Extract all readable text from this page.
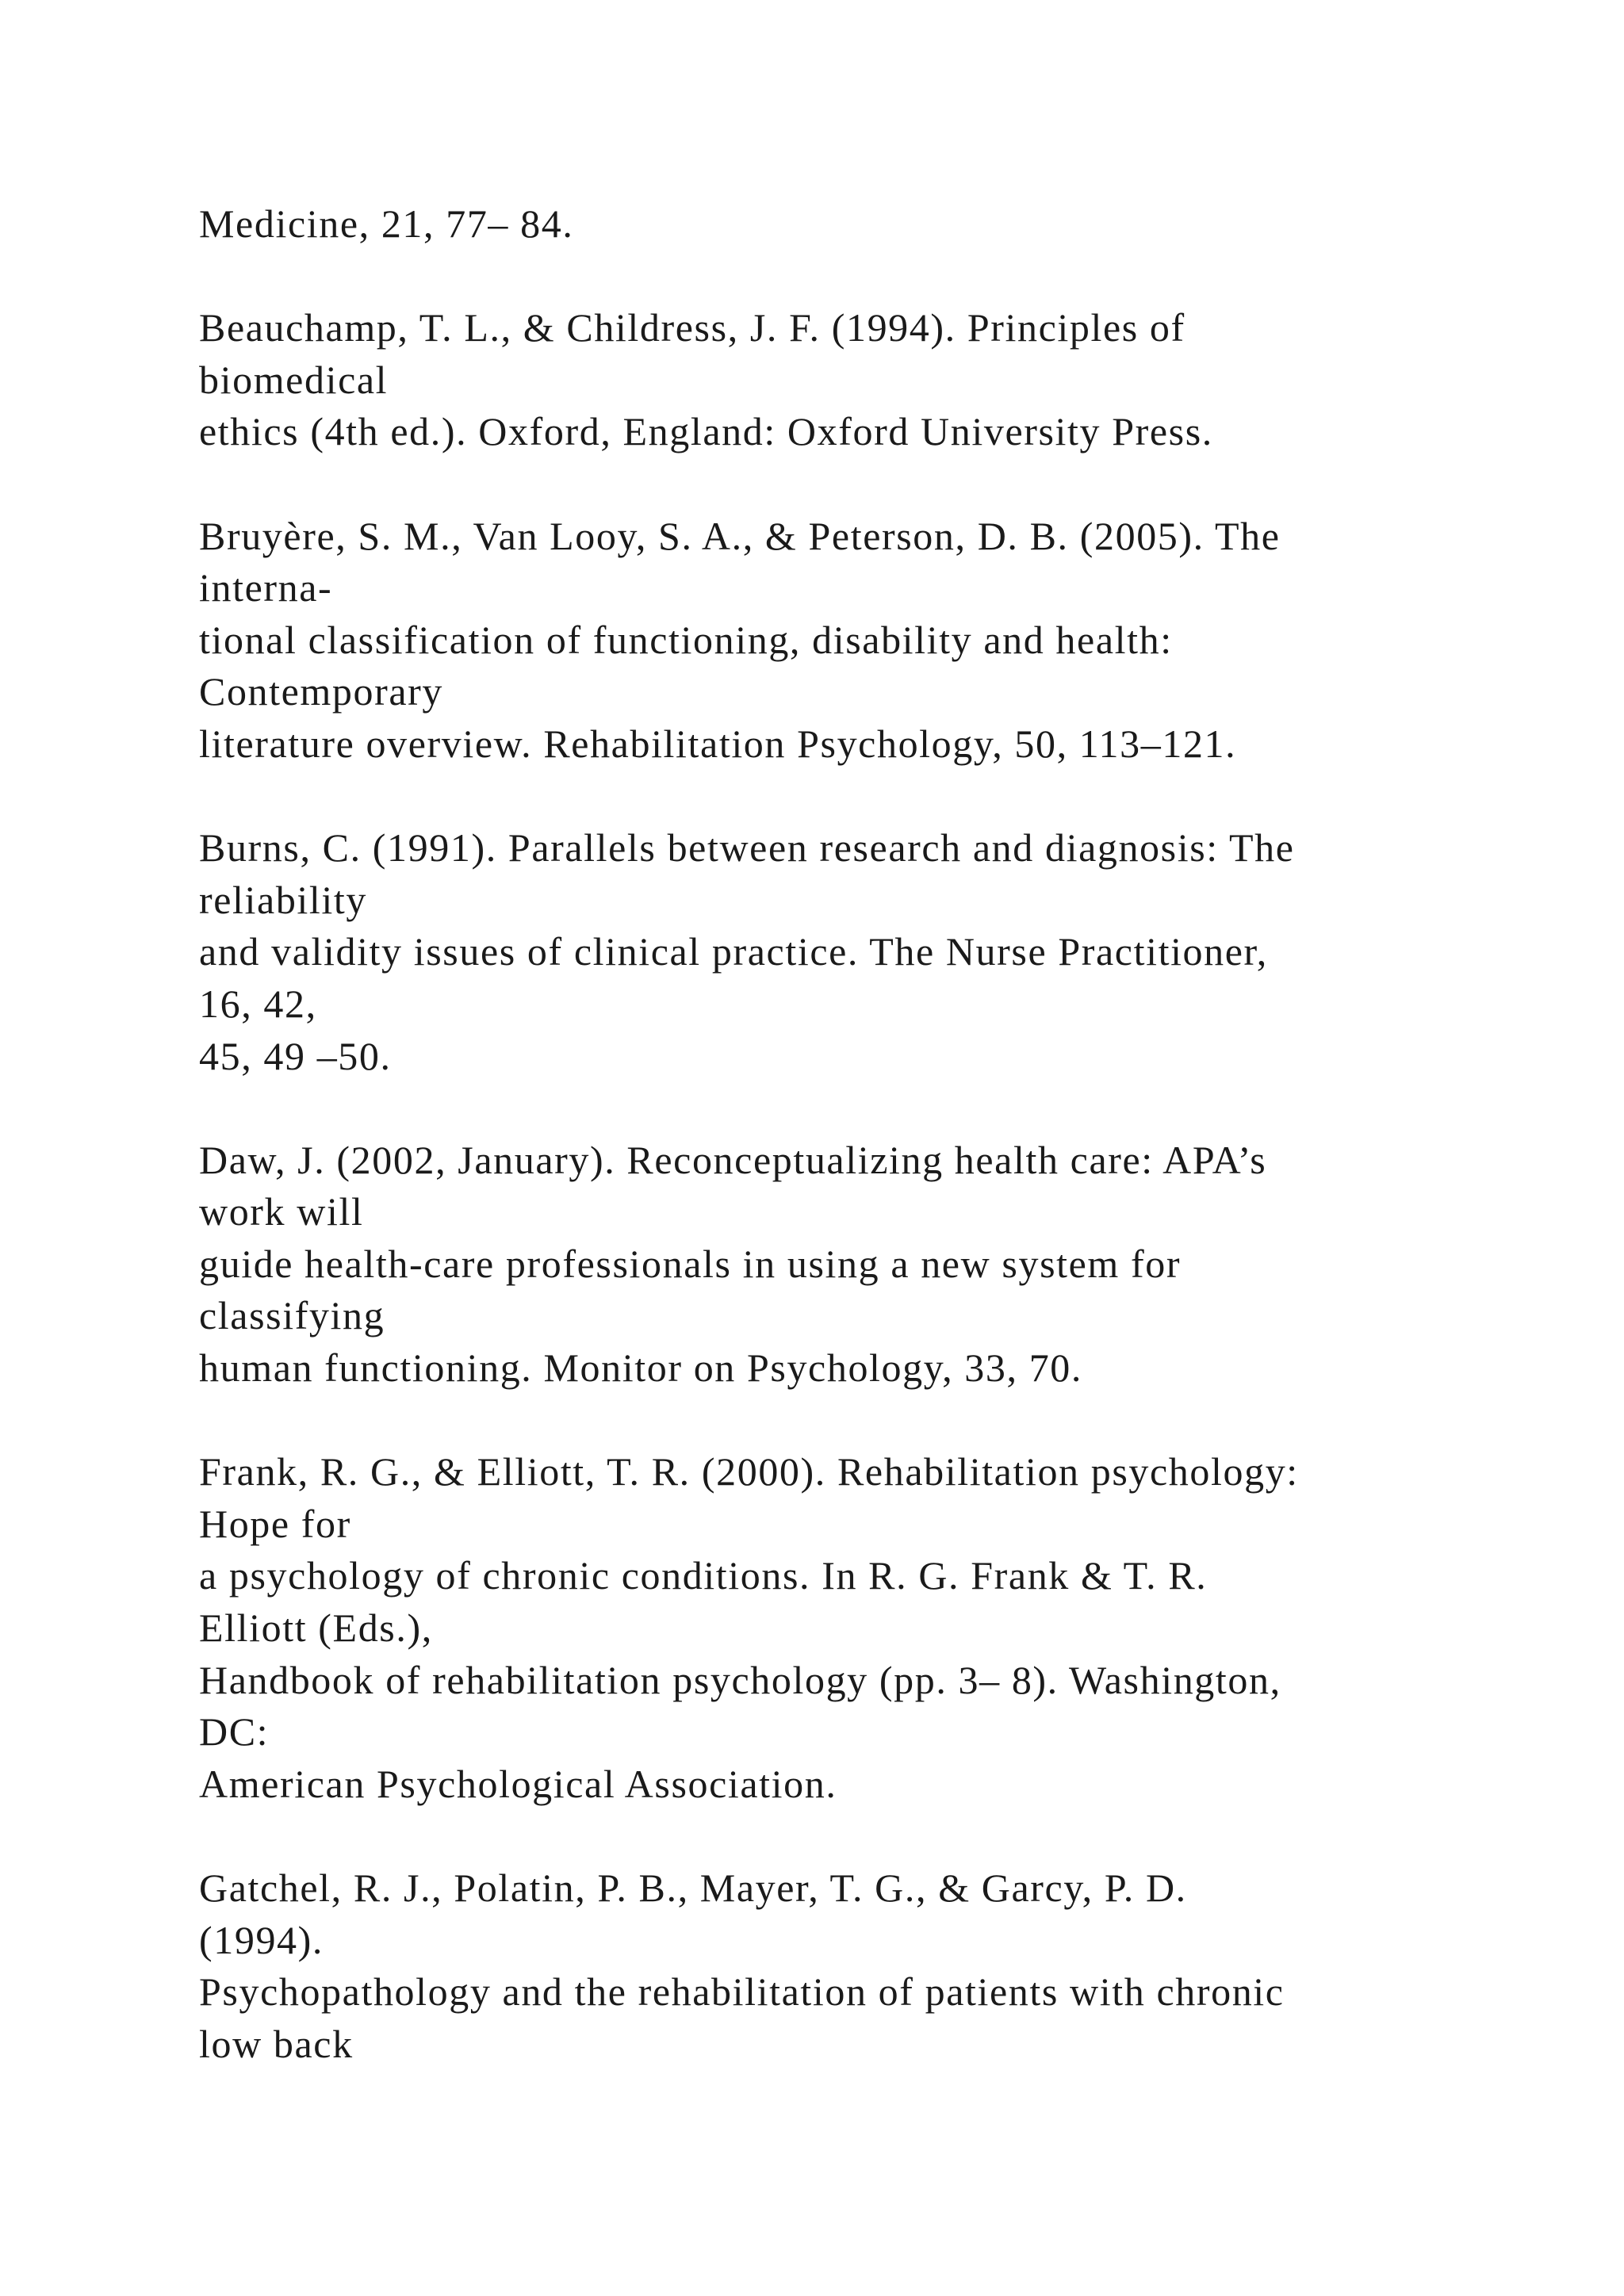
Medicine, 21, 77– 84.
Beauchamp, T. L., & Childress, J. F. (1994). Principles of
biomedical
ethics (4th ed.). Oxford, England: Oxford University Press.
Bruyère, S. M., Van Looy, S. A., & Peterson, D. B. (2005). The
interna-
tional classification of functioning, disability and health:
Contemporary
literature overview. Rehabilitation Psychology, 50, 113–121.
Burns, C. (1991). Parallels between research and diagnosis: The
reliability
and validity issues of clinical practice. The Nurse Practitioner,
16, 42,
45, 49 –50.
Daw, J. (2002, January). Reconceptualizing health care: APA’s
work will
guide health-care professionals in using a new system for
classifying
human functioning. Monitor on Psychology, 33, 70.
Frank, R. G., & Elliott, T. R. (2000). Rehabilitation psychology:
Hope for
a psychology of chronic conditions. In R. G. Frank & T. R.
Elliott (Eds.),
Handbook of rehabilitation psychology (pp. 3– 8). Washington,
DC:
American Psychological Association.
Gatchel, R. J., Polatin, P. B., Mayer, T. G., & Garcy, P. D.
(1994).
Psychopathology and the rehabilitation of patients with chronic
low back
